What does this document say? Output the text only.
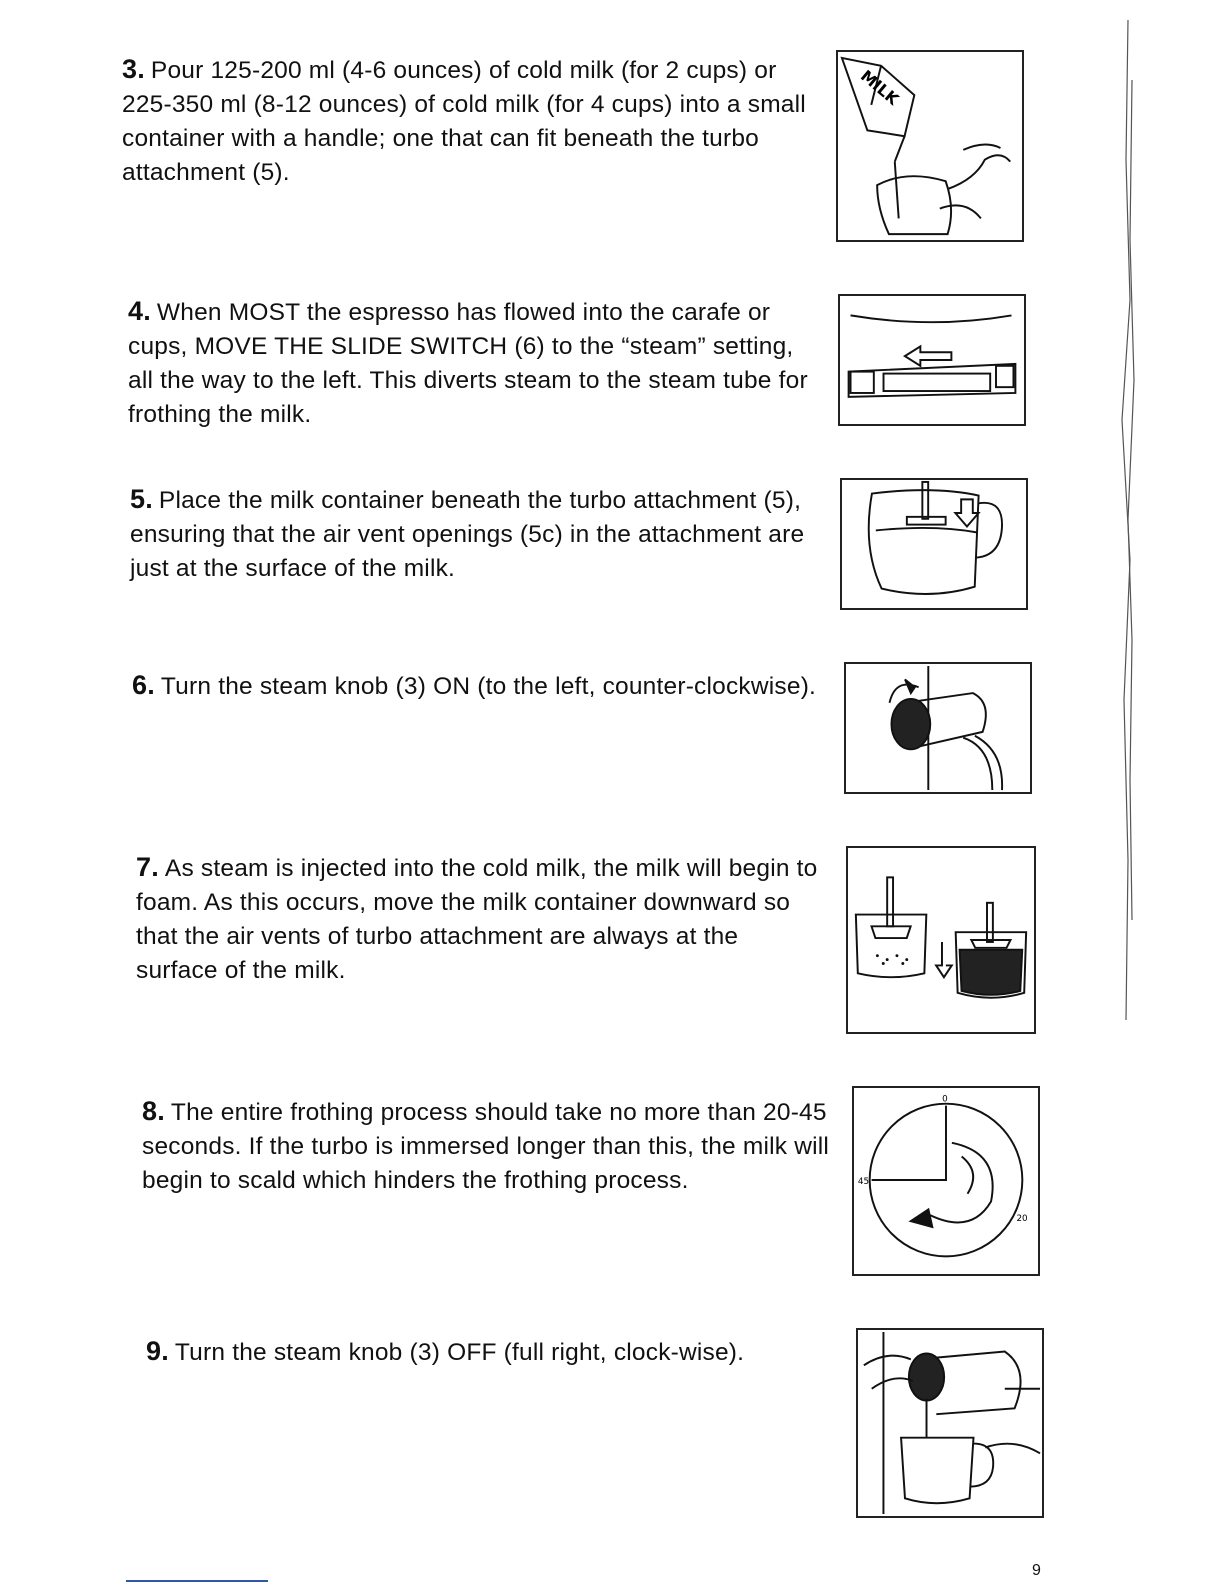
3. Pour 125-200 ml (4-6 ounces) of cold milk (for 2 cups) or 225-350 ml (8-12 ounces) of cold milk (for 4 cups) into a small container with a handle; one that can fit beneath the turbo attachment (5).
MILK
4. When MOST the espresso has flowed into the carafe or cups, MOVE THE SLIDE SWITCH (6) to the “steam” setting, all the way to the left. This diverts steam to the steam tube for frothing the milk.
5. Place the milk container beneath the turbo attachment (5), ensuring that the air vent openings (5c) in the attachment are just at the surface of the milk.
6. Turn the steam knob (3) ON (to the left, counter-clockwise).
7. As steam is injected into the cold milk, the milk will begin to foam. As this occurs, move the milk container downward so that the air vents of turbo attachment are always at the surface of the milk.
8. The entire frothing process should take no more than 20-45 seconds. If the turbo is immersed longer than this, the milk will begin to scald which hinders the frothing process.
0
45
20
9. Turn the steam knob (3) OFF (full right, clock-wise).
9
